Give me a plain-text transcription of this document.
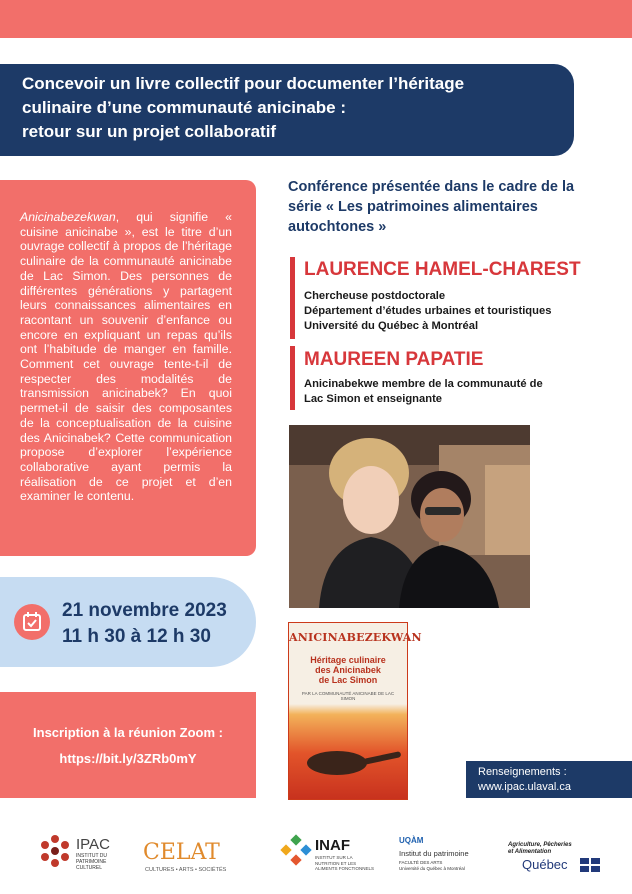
Concevoir un livre collectif pour documenter l’héritage
culinaire d’une communauté anicinabe :
retour sur un projet collaboratif
Anicinabezekwan, qui signifie « cuisine anicinabe », est le titre d’un ouvrage collectif à propos de l’héritage culinaire de la communauté anicinabe de Lac Simon. Des personnes de différentes générations y partagent leurs connaissances alimentaires en racontant un souvenir d’enfance ou encore en expliquant un repas qu’ils ont l’habitude de manger en famille. Comment cet ouvrage tente-t-il de respecter des modalités de transmission anicinabek? En quoi permet-il de saisir des composantes de la conceptualisation de la cuisine des Anicinabek? Cette communication propose d’explorer l’expérience collaborative ayant permis la réalisation de ce projet et d’en examiner le contenu.
Conférence présentée dans le cadre de la
série « Les patrimoines alimentaires
autochtones »
LAURENCE HAMEL-CHAREST
Chercheuse postdoctorale
Département d’études urbaines et touristiques
Université du Québec à Montréal
MAUREEN PAPATIE
Anicinabekwe membre de la communauté de
Lac Simon et enseignante
21 novembre 2023
11 h 30 à 12 h 30
Inscription à la réunion Zoom :
https://bit.ly/3ZRb0mY
ANICINABEZEKWAN
Héritage culinaire
des Anicinabek
de Lac Simon
PAR LA COMMUNAUTÉ ANICINABE DE LAC SIMON
Renseignements :
www.ipac.ulaval.ca
IPAC
INSTITUT DU
PATRIMOINE
CULTUREL
CELAT
CULTURES • ARTS • SOCIÉTÉS
INAF
INSTITUT SUR LA
NUTRITION ET LES
ALIMENTS FONCTIONNELS
UQÀM
Institut du patrimoine
FACULTÉ DES ARTS
Université du Québec à Montréal
Agriculture, Pêcheries
et Alimentation
Québec
